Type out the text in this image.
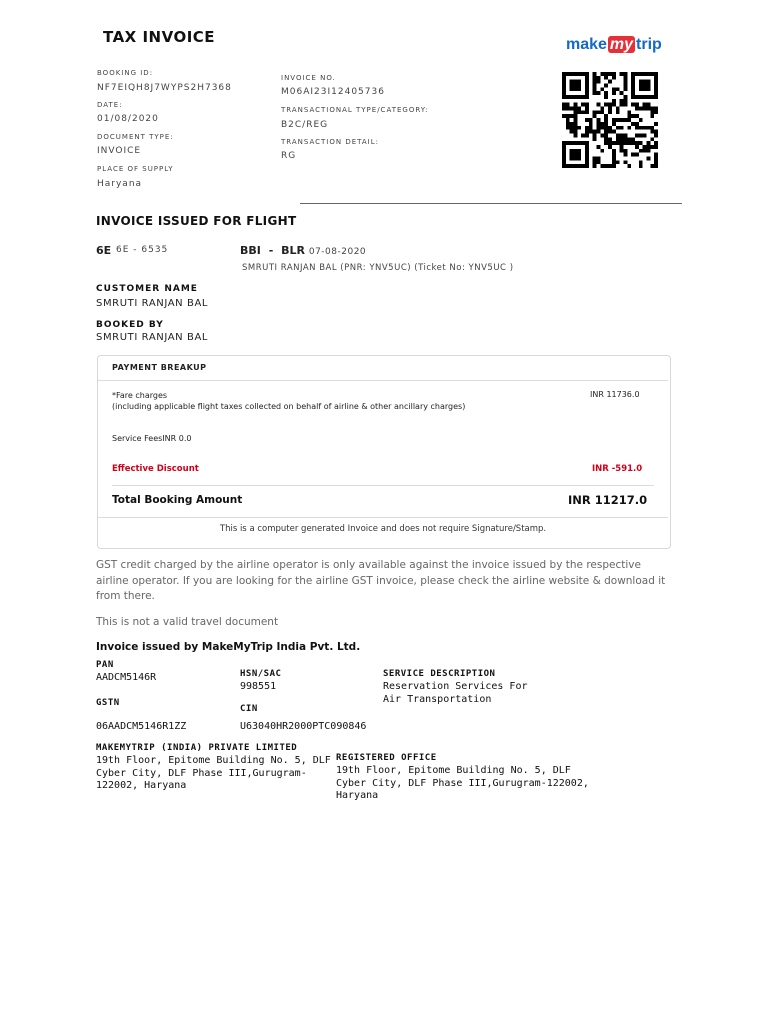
TAX INVOICE	make my trip
BOOKING ID:
NF7EIQH8J7WYPS2H7368
DATE:
01/08/2020
DOCUMENT TYPE:
INVOICE
PLACE OF SUPPLY
Haryana
INVOICE NO.
M06AI23I12405736
TRANSACTIONAL TYPE/CATEGORY:
B2C/REG
TRANSACTION DETAIL:
RG
INVOICE ISSUED FOR FLIGHT
6E 6E - 6535	BBI - BLR 07-08-2020
SMRUTI RANJAN BAL (PNR: YNV5UC) (Ticket No: YNV5UC )
CUSTOMER NAME
SMRUTI RANJAN BAL
BOOKED BY
SMRUTI RANJAN BAL
PAYMENT BREAKUP
*Fare charges
(including applicable flight taxes collected on behalf of airline & other ancillary charges)
INR 11736.0
Service FeesINR 0.0
Effective Discount	INR -591.0
Total Booking Amount	INR 11217.0
This is a computer generated Invoice and does not require Signature/Stamp.
GST credit charged by the airline operator is only available against the invoice issued by the respective airline operator. If you are looking for the airline GST invoice, please check the airline website & download it from there.
This is not a valid travel document
Invoice issued by MakeMyTrip India Pvt. Ltd.
PAN
AADCM5146R
GSTN
06AADCM5146R1ZZ
HSN/SAC
998551
CIN
U63040HR2000PTC090846
SERVICE DESCRIPTION
Reservation Services For
Air Transportation
MAKEMYTRIP (INDIA) PRIVATE LIMITED
19th Floor, Epitome Building No. 5, DLF
Cyber City, DLF Phase III,Gurugram-
122002, Haryana
REGISTERED OFFICE
19th Floor, Epitome Building No. 5, DLF
Cyber City, DLF Phase III,Gurugram-122002,
Haryana
